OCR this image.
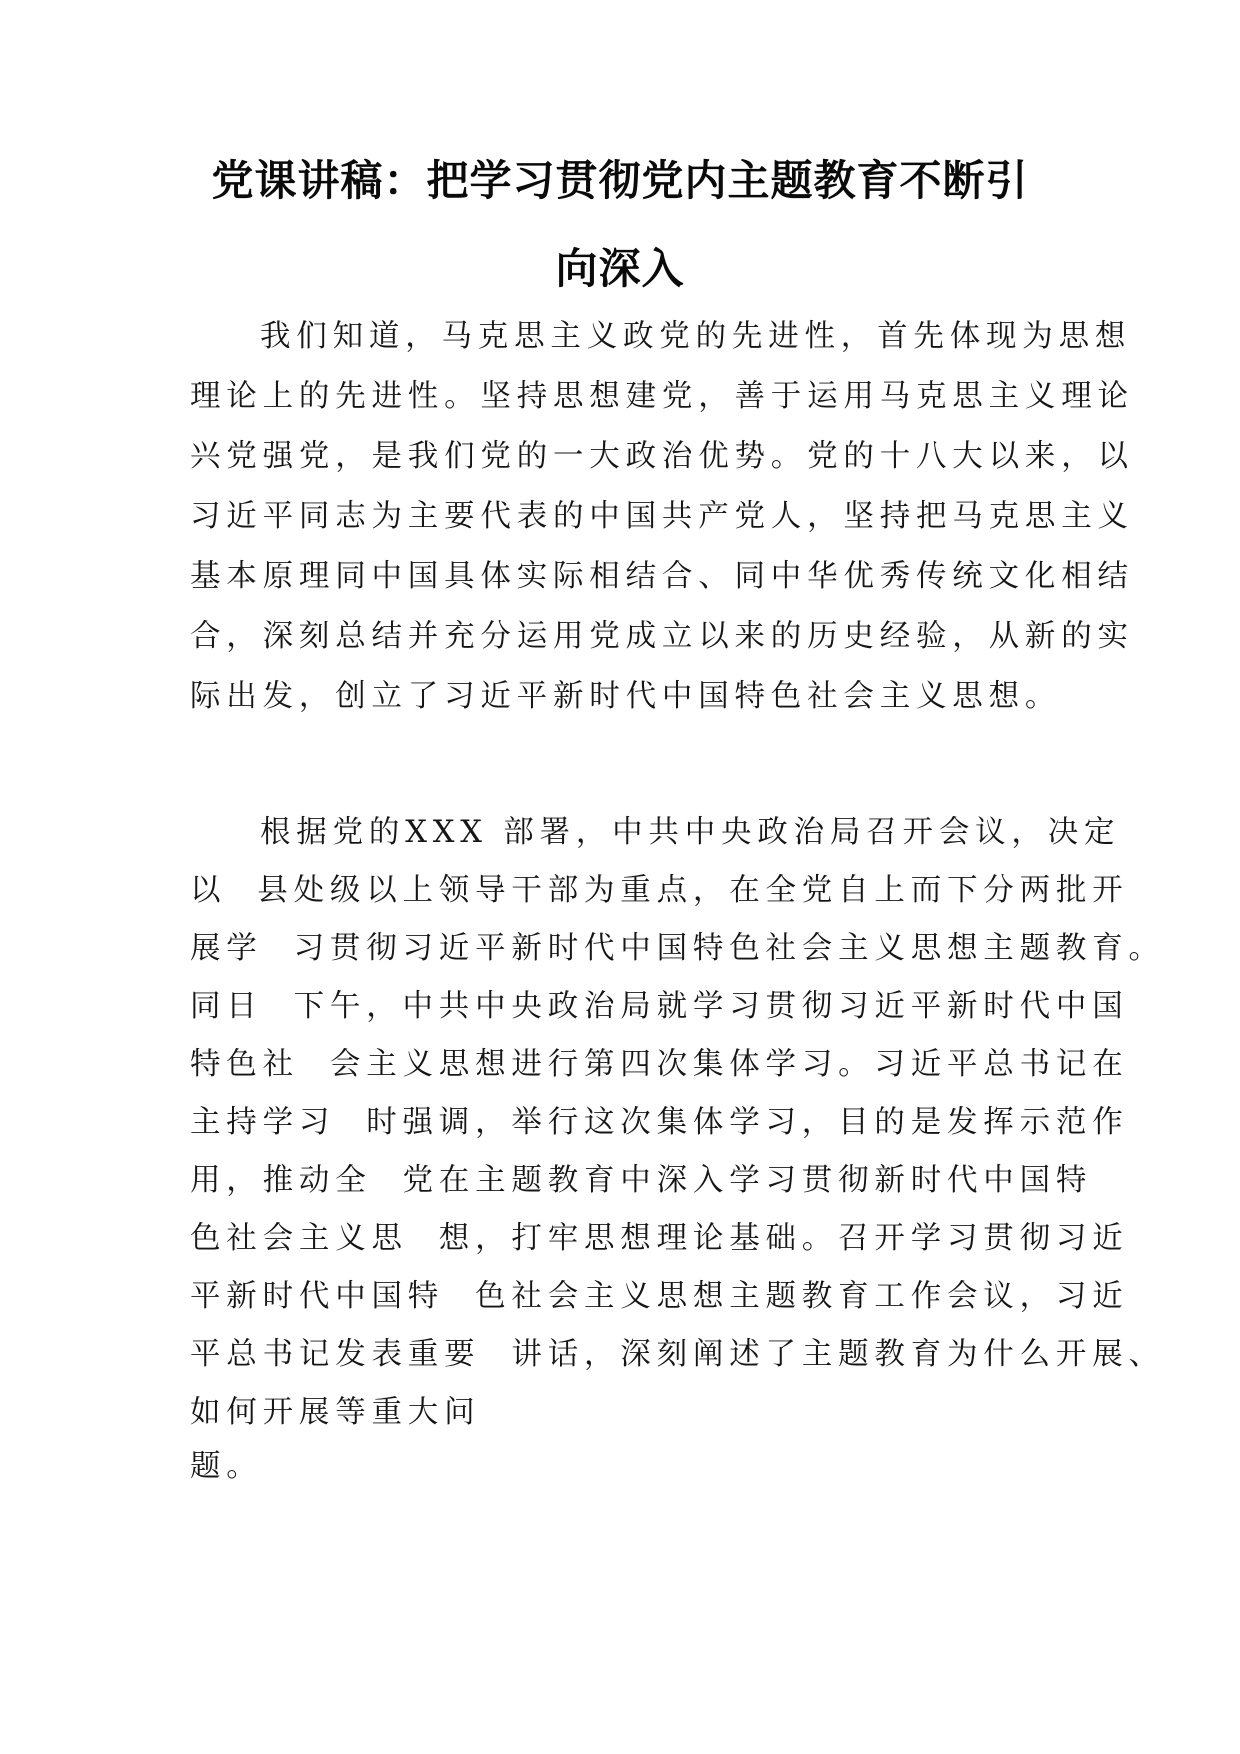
党课讲稿：把学习贯彻党内主题教育不断引
向深入
我们知道，马克思主义政党的先进性，首先体现为思想
理论上的先进性。坚持思想建党，善于运用马克思主义理论
兴党强党，是我们党的一大政治优势。党的十八大以来，以
习近平同志为主要代表的中国共产党人，坚持把马克思主义
基本原理同中国具体实际相结合、同中华优秀传统文化相结
合，深刻总结并充分运用党成立以来的历史经验，从新的实
际出发，创立了习近平新时代中国特色社会主义思想。
根据党的XXX 部署，中共中央政治局召开会议，决定
以  县处级以上领导干部为重点，在全党自上而下分两批开
展学  习贯彻习近平新时代中国特色社会主义思想主题教育。
同日  下午，中共中央政治局就学习贯彻习近平新时代中国
特色社  会主义思想进行第四次集体学习。习近平总书记在
主持学习  时强调，举行这次集体学习，目的是发挥示范作
用，推动全  党在主题教育中深入学习贯彻新时代中国特
色社会主义思  想，打牢思想理论基础。召开学习贯彻习近
平新时代中国特  色社会主义思想主题教育工作会议，习近
平总书记发表重要  讲话，深刻阐述了主题教育为什么开展、
如何开展等重大问
题。
